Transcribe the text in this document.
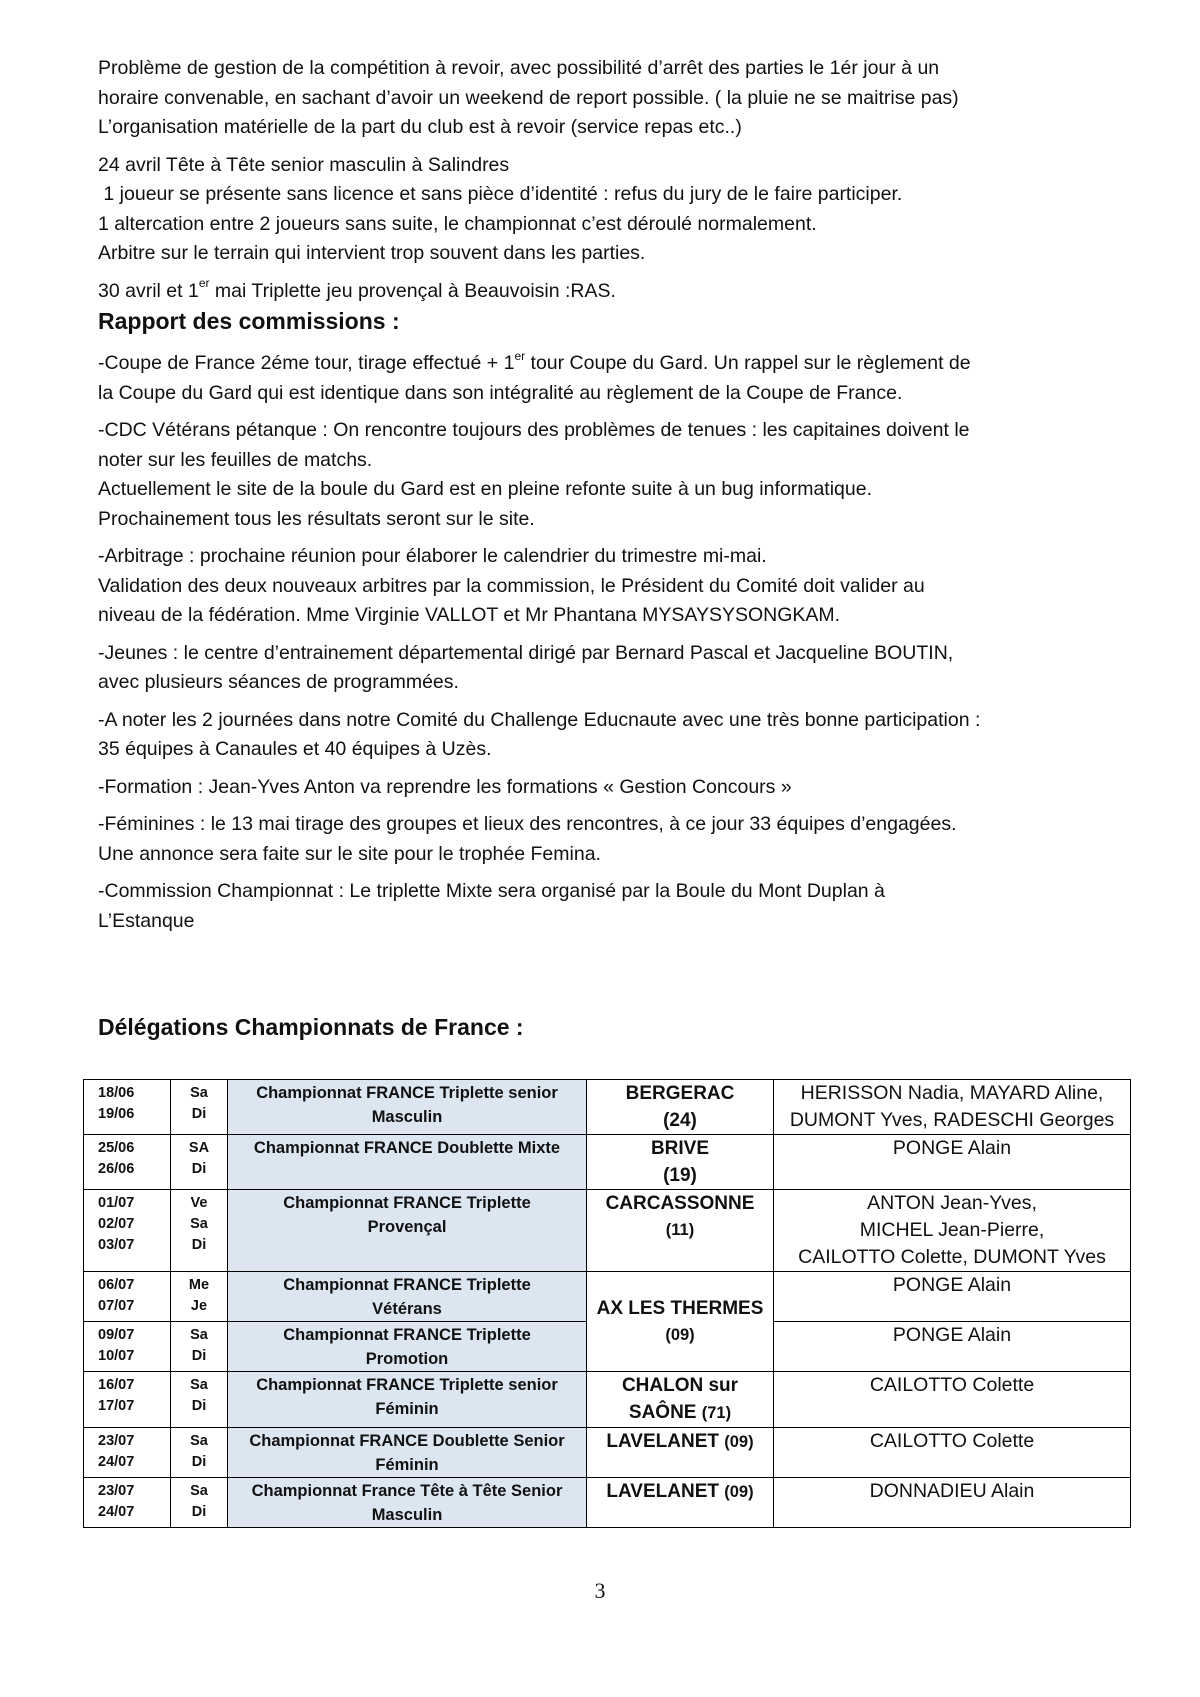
Problème de gestion de la compétition à revoir, avec possibilité d’arrêt des parties le 1ér jour à un
horaire convenable, en sachant d’avoir un weekend de report possible. ( la pluie ne se maitrise pas)
L’organisation matérielle de la part du club est à revoir (service repas etc..)

24 avril Tête à Tête senior masculin à Salindres
1 joueur se présente sans licence et sans pièce d’identité : refus du jury de le faire participer.
1 altercation entre 2 joueurs sans suite, le championnat c’est déroulé normalement.
Arbitre sur le terrain qui intervient trop souvent dans les parties.

30 avril et 1er mai Triplette jeu provençal à Beauvoisin :RAS.

Rapport des commissions :

-Coupe de France 2éme tour, tirage effectué + 1er tour Coupe du Gard. Un rappel sur le règlement de
la Coupe du Gard qui est identique dans son intégralité au règlement de la Coupe de France.

-CDC Vétérans pétanque : On rencontre toujours des problèmes de tenues : les capitaines doivent le
noter sur les feuilles de matchs.
Actuellement le site de la boule du Gard est en pleine refonte suite à un bug informatique.
Prochainement tous les résultats seront sur le site.

-Arbitrage : prochaine réunion pour élaborer le calendrier du trimestre mi-mai.
Validation des deux nouveaux arbitres par la commission, le Président du Comité doit valider au
niveau de la fédération. Mme Virginie VALLOT et Mr Phantana MYSAYSYSONGKAM.

-Jeunes : le centre d’entrainement départemental dirigé par Bernard Pascal et Jacqueline BOUTIN,
avec plusieurs séances de programmées.

-A noter les 2 journées dans notre Comité du Challenge Educnaute avec une très bonne participation :
35 équipes à Canaules et 40 équipes à Uzès.

-Formation : Jean-Yves Anton va reprendre les formations « Gestion Concours »

-Féminines : le 13 mai tirage des groupes et lieux des rencontres, à ce jour 33 équipes d’engagées.
Une annonce sera faite sur le site pour le trophée Femina.

-Commission Championnat : Le triplette Mixte sera organisé par la Boule du Mont Duplan à
L’Estanque

Délégations Championnats de France :
18/06
19/06	Sa
Di	Championnat FRANCE Triplette senior
Masculin	BERGERAC
(24)	HERISSON Nadia, MAYARD Aline,
DUMONT Yves, RADESCHI Georges

25/06
26/06	SA
Di	Championnat FRANCE Doublette Mixte	BRIVE
(19)	PONGE Alain

01/07
02/07
03/07	Ve
Sa
Di	Championnat FRANCE Triplette
Provençal	CARCASSONNE
(11)	ANTON Jean-Yves,
MICHEL Jean-Pierre,
CAILOTTO Colette, DUMONT Yves

06/07
07/07	Me
Je	Championnat FRANCE Triplette
Vétérans	AX LES THERMES
(09)	PONGE Alain

09/07
10/07	Sa
Di	Championnat FRANCE Triplette
Promotion		PONGE Alain

16/07
17/07	Sa
Di	Championnat FRANCE Triplette senior
Féminin	CHALON sur
SAÔNE (71)	CAILOTTO Colette

23/07
24/07	Sa
Di	Championnat FRANCE Doublette Senior
Féminin	LAVELANET (09)	CAILOTTO Colette

23/07
24/07	Sa
Di	Championnat France Tête à Tête Senior
Masculin	LAVELANET (09)	DONNADIEU Alain
3
